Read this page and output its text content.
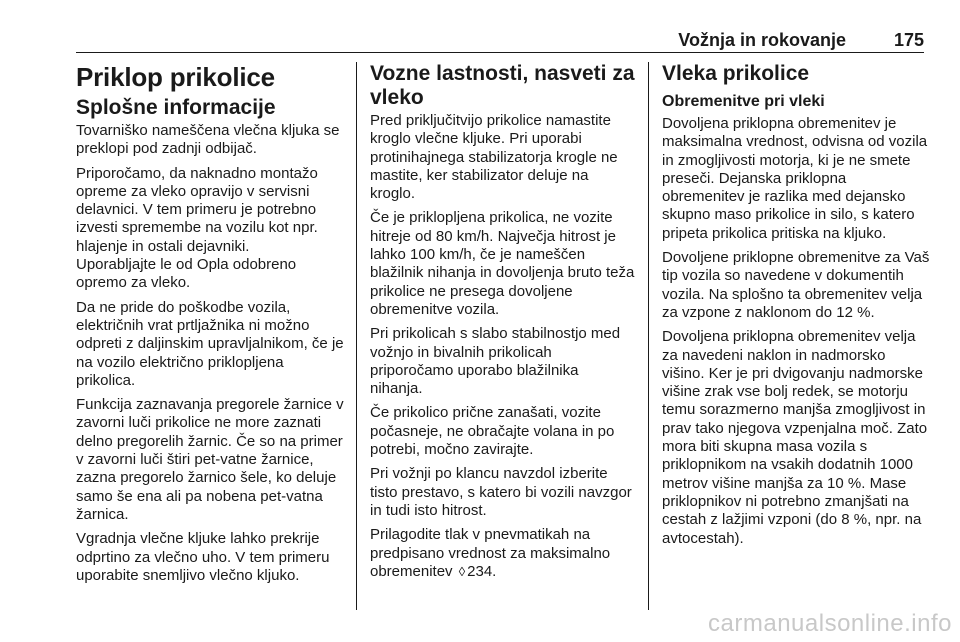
Vožnja in rokovanje	175
Priklop prikolice
Splošne informacije

Tovarniško nameščena vlečna kljuka se preklopi pod zadnji odbijač.

Priporočamo, da naknadno montažo opreme za vleko opravijo v servisni delavnici. V tem primeru je potrebno izvesti spremembe na vozilu kot npr. hlajenje in ostali dejavniki.

Uporabljajte le od Opla odobreno opremo za vleko.

Da ne pride do poškodbe vozila, električnih vrat prtljažnika ni možno odpreti z daljinskim upravljalnikom, če je na vozilo električno priklopljena prikolica.

Funkcija zaznavanja pregorele žarnice v zavorni luči prikolice ne more zaznati delno pregorelih žarnic. Če so na primer v zavorni luči štiri pet-vatne žarnice, zazna pregorelo žarnico šele, ko deluje samo še ena ali pa nobena pet-vatna žarnica.

Vgradnja vlečne kljuke lahko prekrije odprtino za vlečno uho. V tem primeru uporabite snemljivo vlečno kljuko.

Vozne lastnosti, nasveti za vleko

Pred priključitvijo prikolice namastite kroglo vlečne kljuke. Pri uporabi protinihajnega stabilizatorja krogle ne mastite, ker stabilizator deluje na kroglo.

Če je priklopljena prikolica, ne vozite hitreje od 80 km/h. Največja hitrost je lahko 100 km/h, če je nameščen blažilnik nihanja in dovoljenja bruto teža prikolice ne presega dovoljene obremenitve vozila.

Pri prikolicah s slabo stabilnostjo med vožnjo in bivalnih prikolicah priporočamo uporabo blažilnika nihanja.

Če prikolico prične zanašati, vozite počasneje, ne obračajte volana in po potrebi, močno zavirajte.

Pri vožnji po klancu navzdol izberite tisto prestavo, s katero bi vozili navzgor in tudi isto hitrost.

Prilagodite tlak v pnevmatikah na predpisano vrednost za maksimalno obremenitev ◊ 234.

Vleka prikolice
Obremenitve pri vleki

Dovoljena priklopna obremenitev je maksimalna vrednost, odvisna od vozila in zmogljivosti motorja, ki je ne smete preseči. Dejanska priklopna obremenitev je razlika med dejansko skupno maso prikolice in silo, s katero pripeta prikolica pritiska na kljuko.

Dovoljene priklopne obremenitve za Vaš tip vozila so navedene v dokumentih vozila. Na splošno ta obremenitev velja za vzpone z naklonom do 12 %.

Dovoljena priklopna obremenitev velja za navedeni naklon in nadmorsko višino. Ker je pri dvigovanju nadmorske višine zrak vse bolj redek, se motorju temu sorazmerno manjša zmogljivost in prav tako njegova vzpenjalna moč. Zato mora biti skupna masa vozila s priklopnikom na vsakih dodatnih 1000 metrov višine manjša za 10 %. Mase priklopnikov ni potrebno zmanjšati na cestah z lažjimi vzponi (do 8 %, npr. na avtocestah).

carmanualsonline.info
